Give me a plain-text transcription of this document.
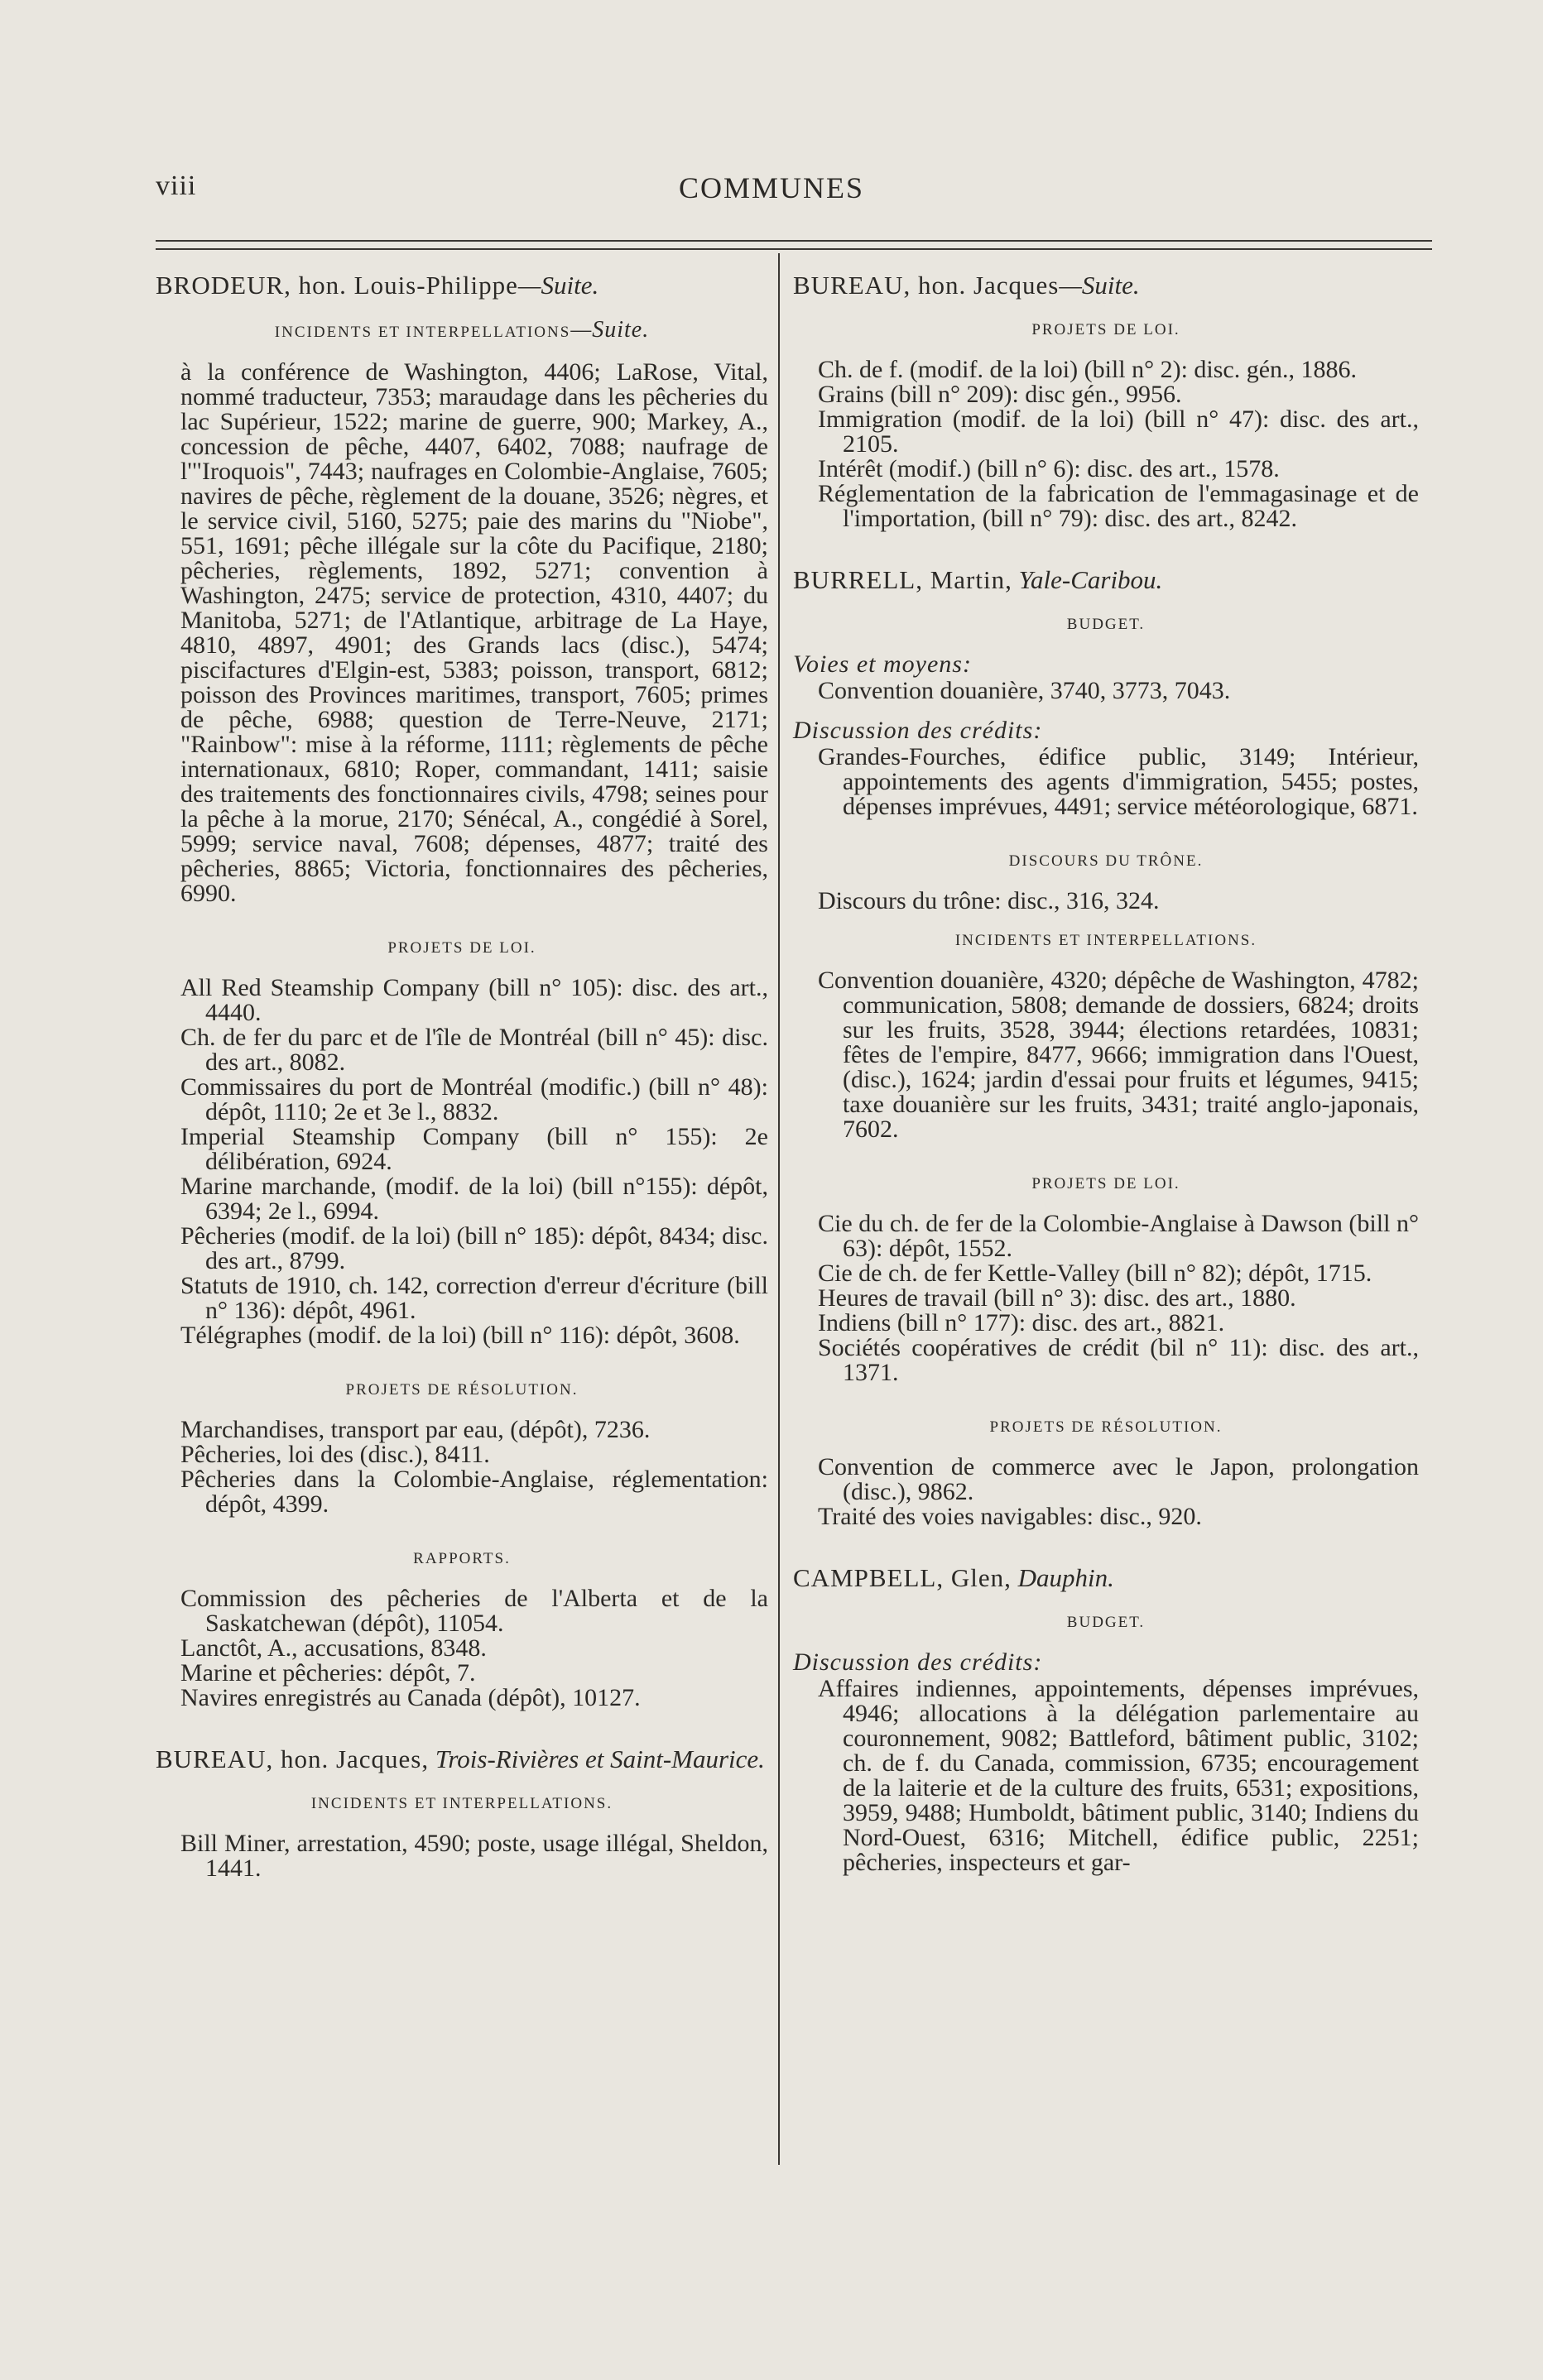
viii	COMMUNES
BRODEUR, hon. Louis-Philippe—Suite.
INCIDENTS ET INTERPELLATIONS—Suite.
à la conférence de Washington, 4406; LaRose, Vital, nommé traducteur, 7353; maraudage dans les pêcheries du lac Supérieur, 1522; marine de guerre, 900; Markey, A., concession de pêche, 4407, 6402, 7088; naufrage de l'"Iroquois", 7443; naufrages en Colombie-Anglaise, 7605; navires de pêche, règlement de la douane, 3526; nègres, et le service civil, 5160, 5275; paie des marins du "Niobe", 551, 1691; pêche illégale sur la côte du Pacifique, 2180; pêcheries, règlements, 1892, 5271; convention à Washington, 2475; service de protection, 4310, 4407; du Manitoba, 5271; de l'Atlantique, arbitrage de La Haye, 4810, 4897, 4901; des Grands lacs (disc.), 5474; piscifactures d'Elgin-est, 5383; poisson, transport, 6812; poisson des Provinces maritimes, transport, 7605; primes de pêche, 6988; question de Terre-Neuve, 2171; "Rainbow": mise à la réforme, 1111; règlements de pêche internationaux, 6810; Roper, commandant, 1411; saisie des traitements des fonctionnaires civils, 4798; seines pour la pêche à la morue, 2170; Sénécal, A., congédié à Sorel, 5999; service naval, 7608; dépenses, 4877; traité des pêcheries, 8865; Victoria, fonctionnaires des pêcheries, 6990.
PROJETS DE LOI.
All Red Steamship Company (bill n° 105): disc. des art., 4440.
Ch. de fer du parc et de l'île de Montréal (bill n° 45): disc. des art., 8082.
Commissaires du port de Montréal (modific.) (bill n° 48): dépôt, 1110; 2e et 3e l., 8832.
Imperial Steamship Company (bill n° 155): 2e délibération, 6924.
Marine marchande, (modif. de la loi) (bill n°155): dépôt, 6394; 2e l., 6994.
Pêcheries (modif. de la loi) (bill n° 185): dépôt, 8434; disc. des art., 8799.
Statuts de 1910, ch. 142, correction d'erreur d'écriture (bill n° 136): dépôt, 4961.
Télégraphes (modif. de la loi) (bill n° 116): dépôt, 3608.
PROJETS DE RÉSOLUTION.
Marchandises, transport par eau, (dépôt), 7236.
Pêcheries, loi des (disc.), 8411.
Pêcheries dans la Colombie-Anglaise, réglementation: dépôt, 4399.
RAPPORTS.
Commission des pêcheries de l'Alberta et de la Saskatchewan (dépôt), 11054.
Lanctôt, A., accusations, 8348.
Marine et pêcheries: dépôt, 7.
Navires enregistrés au Canada (dépôt), 10127.
BUREAU, hon. Jacques, Trois-Rivières et Saint-Maurice.
INCIDENTS ET INTERPELLATIONS.
Bill Miner, arrestation, 4590; poste, usage illégal, Sheldon, 1441.
BUREAU, hon. Jacques—Suite.
PROJETS DE LOI.
Ch. de f. (modif. de la loi) (bill n° 2): disc. gén., 1886.
Grains (bill n° 209): disc gén., 9956.
Immigration (modif. de la loi) (bill n° 47): disc. des art., 2105.
Intérêt (modif.) (bill n° 6): disc. des art., 1578.
Réglementation de la fabrication de l'emmagasinage et de l'importation, (bill n° 79): disc. des art., 8242.
BURRELL, Martin, Yale-Caribou.
BUDGET.
Voies et moyens:
Convention douanière, 3740, 3773, 7043.
Discussion des crédits:
Grandes-Fourches, édifice public, 3149; Intérieur, appointements des agents d'immigration, 5455; postes, dépenses imprévues, 4491; service météorologique, 6871.
DISCOURS DU TRÔNE.
Discours du trône: disc., 316, 324.
INCIDENTS ET INTERPELLATIONS.
Convention douanière, 4320; dépêche de Washington, 4782; communication, 5808; demande de dossiers, 6824; droits sur les fruits, 3528, 3944; élections retardées, 10831; fêtes de l'empire, 8477, 9666; immigration dans l'Ouest, (disc.), 1624; jardin d'essai pour fruits et légumes, 9415; taxe douanière sur les fruits, 3431; traité anglo-japonais, 7602.
PROJETS DE LOI.
Cie du ch. de fer de la Colombie-Anglaise à Dawson (bill n° 63): dépôt, 1552.
Cie de ch. de fer Kettle-Valley (bill n° 82); dépôt, 1715.
Heures de travail (bill n° 3): disc. des art., 1880.
Indiens (bill n° 177): disc. des art., 8821.
Sociétés coopératives de crédit (bil n° 11): disc. des art., 1371.
PROJETS DE RÉSOLUTION.
Convention de commerce avec le Japon, prolongation (disc.), 9862.
Traité des voies navigables: disc., 920.
CAMPBELL, Glen, Dauphin.
BUDGET.
Discussion des crédits:
Affaires indiennes, appointements, dépenses imprévues, 4946; allocations à la délégation parlementaire au couronnement, 9082; Battleford, bâtiment public, 3102; ch. de f. du Canada, commission, 6735; encouragement de la laiterie et de la culture des fruits, 6531; expositions, 3959, 9488; Humboldt, bâtiment public, 3140; Indiens du Nord-Ouest, 6316; Mitchell, édifice public, 2251; pêcheries, inspecteurs et gar-
